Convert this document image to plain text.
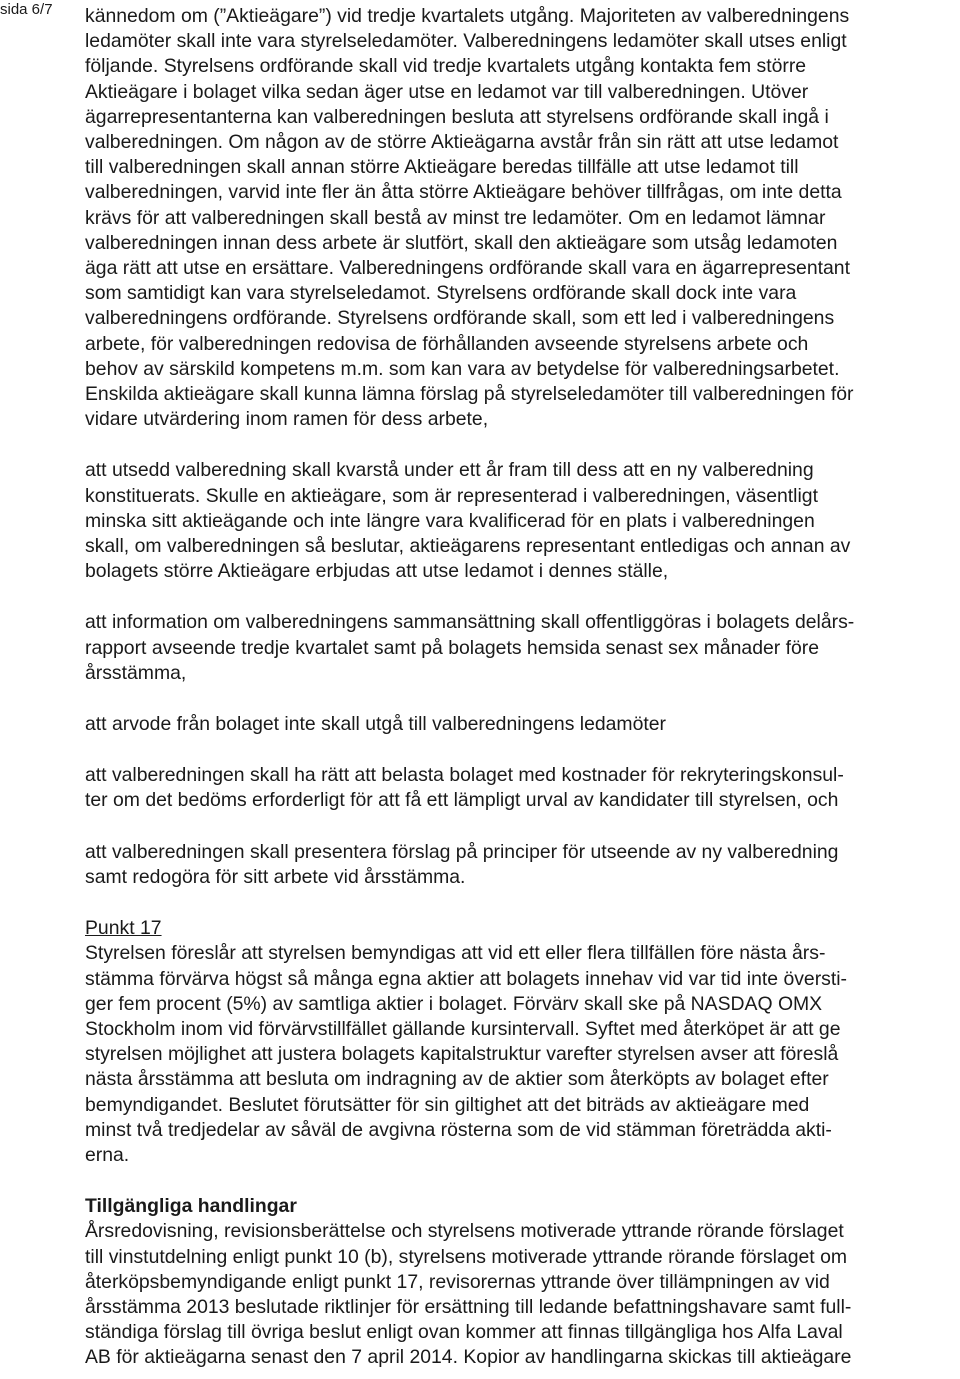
sida 6/7 kännedom om (”Aktieägare”) vid tredje kvartalets utgång. Majoriteten av valberedningens
ledamöter skall inte vara styrelseledamöter. Valberedningens ledamöter skall utses enligt
följande. Styrelsens ordförande skall vid tredje kvartalets utgång kontakta fem större
Aktieägare i bolaget vilka sedan äger utse en ledamot var till valberedningen. Utöver
ägarrepresentanterna kan valberedningen besluta att styrelsens ordförande skall ingå i
valberedningen. Om någon av de större Aktieägarna avstår från sin rätt att utse ledamot
till valberedningen skall annan större Aktieägare beredas tillfälle att utse ledamot till
valberedningen, varvid inte fler än åtta större Aktieägare behöver tillfrågas, om inte detta
krävs för att valberedningen skall bestå av minst tre ledamöter. Om en ledamot lämnar
valberedningen innan dess arbete är slutfört, skall den aktieägare som utsåg ledamoten
äga rätt att utse en ersättare. Valberedningens ordförande skall vara en ägarrepresentant
som samtidigt kan vara styrelseledamot. Styrelsens ordförande skall dock inte vara
valberedningens ordförande. Styrelsens ordförande skall, som ett led i valberedningens
arbete, för valberedningen redovisa de förhållanden avseende styrelsens arbete och
behov av särskild kompetens m.m. som kan vara av betydelse för valberedningsarbetet.
Enskilda aktieägare skall kunna lämna förslag på styrelseledamöter till valberedningen för
vidare utvärdering inom ramen för dess arbete,

att utsedd valberedning skall kvarstå under ett år fram till dess att en ny valberedning
konstituerats. Skulle en aktieägare, som är representerad i valberedningen, väsentligt
minska sitt aktieägande och inte längre vara kvalificerad för en plats i valberedningen
skall, om valberedningen så beslutar, aktieägarens representant entledigas och annan av
bolagets större Aktieägare erbjudas att utse ledamot i dennes ställe,

att information om valberedningens sammansättning skall offentliggöras i bolagets delårs-
rapport avseende tredje kvartalet samt på bolagets hemsida senast sex månader före
årsstämma,

att arvode från bolaget inte skall utgå till valberedningens ledamöter

att valberedningen skall ha rätt att belasta bolaget med kostnader för rekryteringskonsul-
ter om det bedöms erforderligt för att få ett lämpligt urval av kandidater till styrelsen, och

att valberedningen skall presentera förslag på principer för utseende av ny valberedning
samt redogöra för sitt arbete vid årsstämma.

Punkt 17

Styrelsen föreslår att styrelsen bemyndigas att vid ett eller flera tillfällen före nästa års-
stämma förvärva högst så många egna aktier att bolagets innehav vid var tid inte översti-
ger fem procent (5%) av samtliga aktier i bolaget. Förvärv skall ske på NASDAQ OMX
Stockholm inom vid förvärvstillfället gällande kursintervall. Syftet med återköpet är att ge
styrelsen möjlighet att justera bolagets kapitalstruktur varefter styrelsen avser att föreslå
nästa årsstämma att besluta om indragning av de aktier som återköpts av bolaget efter
bemyndigandet. Beslutet förutsätter för sin giltighet att det biträds av aktieägare med
minst två tredjedelar av såväl de avgivna rösterna som de vid stämman företrädda akti-
erna.

Tillgängliga handlingar

Årsredovisning, revisionsberättelse och styrelsens motiverade yttrande rörande förslaget
till vinstutdelning enligt punkt 10 (b), styrelsens motiverade yttrande rörande förslaget om
återköpsbemyndigande enligt punkt 17, revisorernas yttrande över tillämpningen av vid
årsstämma 2013 beslutade riktlinjer för ersättning till ledande befattningshavare samt full-
ständiga förslag till övriga beslut enligt ovan kommer att finnas tillgängliga hos Alfa Laval
AB för aktieägarna senast den 7 april 2014. Kopior av handlingarna skickas till aktieägare
